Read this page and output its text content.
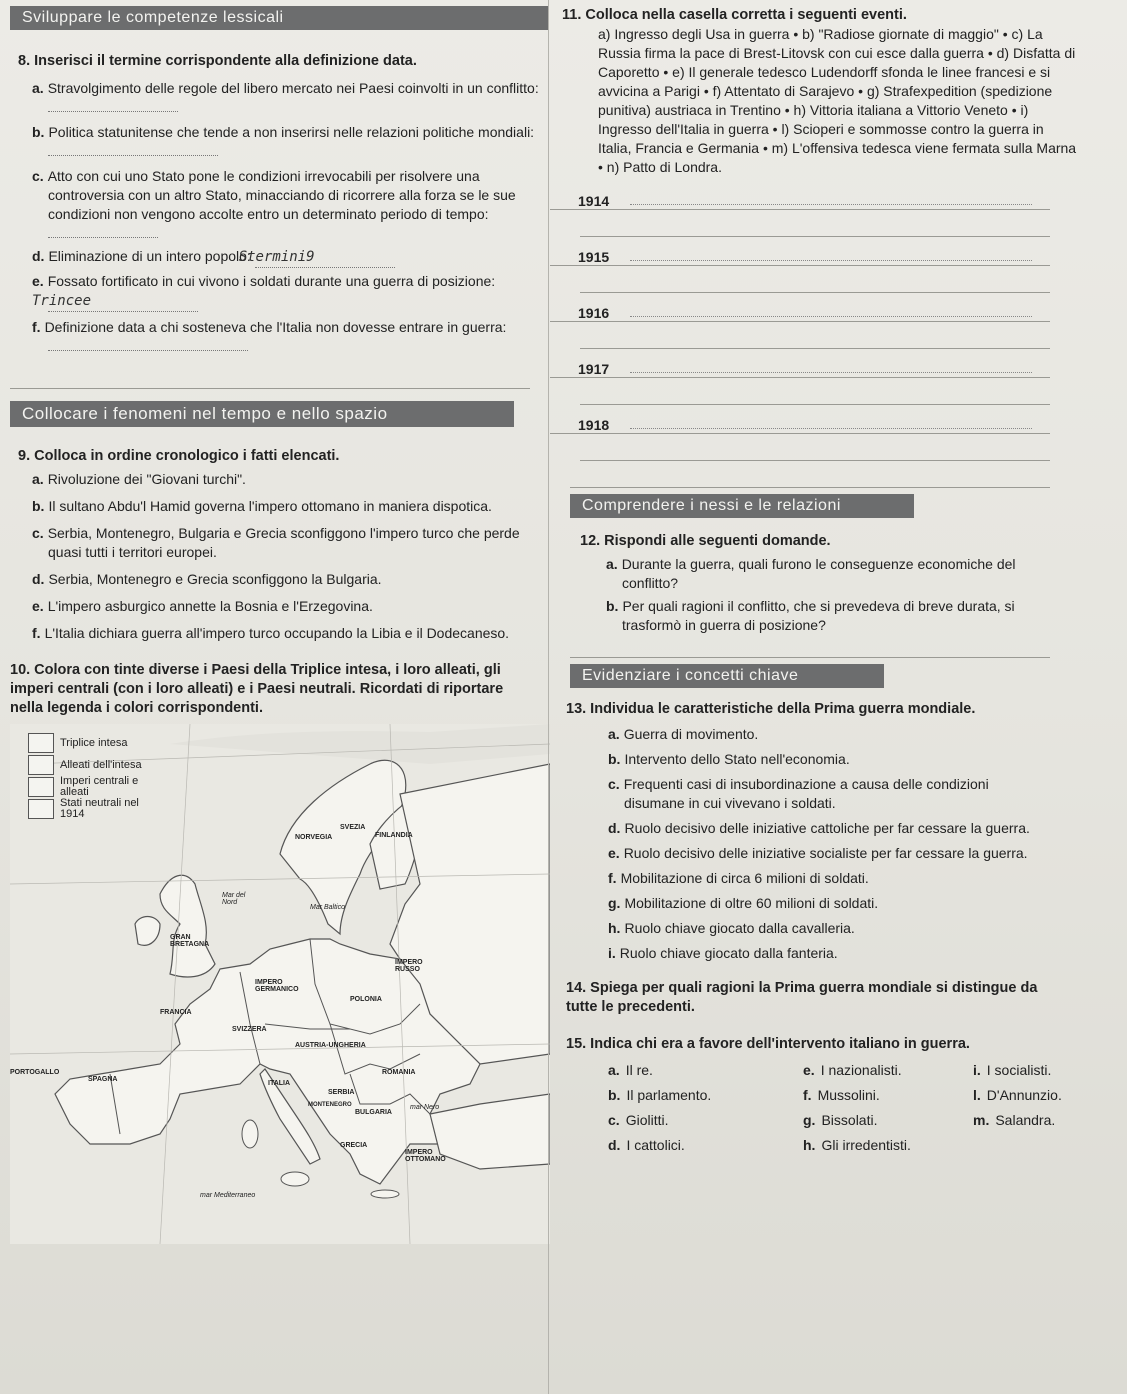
Sviluppare le competenze lessicali
8. Inserisci il termine corrispondente alla definizione data.
a. Stravolgimento delle regole del libero mercato nei Paesi coinvolti in un conflitto:
b. Politica statunitense che tende a non inserirsi nelle relazioni politiche mondiali:
c. Atto con cui uno Stato pone le condizioni irrevocabili per risolvere una controversia con un altro Stato, minacciando di ricorrere alla forza se le sue condizioni non vengono accolte entro un determinato periodo di tempo:
d. Eliminazione di un intero popolo: Stermini9
e. Fossato fortificato in cui vivono i soldati durante una guerra di posizione: Trincee
f. Definizione data a chi sosteneva che l'Italia non dovesse entrare in guerra:
Collocare i fenomeni nel tempo e nello spazio
9. Colloca in ordine cronologico i fatti elencati.
a. Rivoluzione dei "Giovani turchi".
b. Il sultano Abdu'l Hamid governa l'impero ottomano in maniera dispotica.
c. Serbia, Montenegro, Bulgaria e Grecia sconfiggono l'impero turco che perde quasi tutti i territori europei.
d. Serbia, Montenegro e Grecia sconfiggono la Bulgaria.
e. L'impero asburgico annette la Bosnia e l'Erzegovina.
f. L'Italia dichiara guerra all'impero turco occupando la Libia e il Dodecaneso.
10. Colora con tinte diverse i Paesi della Triplice intesa, i loro alleati, gli imperi centrali (con i loro alleati) e i Paesi neutrali. Ricordati di riportare nella legenda i colori corrispondenti.
Triplice intesa
Alleati dell'intesa
Imperi centrali e alleati
Stati neutrali nel 1914
FINLANDIA
NORVEGIA
SVEZIA
GRAN BRETAGNA
Mar del Nord
Mar Baltico
IMPERO RUSSO
IMPERO GERMANICO
POLONIA
FRANCIA
SVIZZERA
AUSTRIA-UNGHERIA
ROMANIA
PORTOGALLO
SPAGNA
ITALIA
SERBIA
BULGARIA
mar Nero
MONTENEGRO
GRECIA
IMPERO OTTOMANO
mar Mediterraneo
11. Colloca nella casella corretta i seguenti eventi.
a) Ingresso degli Usa in guerra • b) "Radiose giornate di maggio" • c) La Russia firma la pace di Brest-Litovsk con cui esce dalla guerra • d) Disfatta di Caporetto • e) Il generale tedesco Ludendorff sfonda le linee francesi e si avvicina a Parigi • f) Attentato di Sarajevo • g) Strafexpedition (spedizione punitiva) austriaca in Trentino • h) Vittoria italiana a Vittorio Veneto • i) Ingresso dell'Italia in guerra • l) Scioperi e sommosse contro la guerra in Italia, Francia e Germania • m) L'offensiva tedesca viene fermata sulla Marna • n) Patto di Londra.
1914
1915
1916
1917
1918
Comprendere i nessi e le relazioni
12. Rispondi alle seguenti domande.
a. Durante la guerra, quali furono le conseguenze economiche del conflitto?
b. Per quali ragioni il conflitto, che si prevedeva di breve durata, si trasformò in guerra di posizione?
Evidenziare i concetti chiave
13. Individua le caratteristiche della Prima guerra mondiale.
a. Guerra di movimento.
b. Intervento dello Stato nell'economia.
c. Frequenti casi di insubordinazione a causa delle condizioni disumane in cui vivevano i soldati.
d. Ruolo decisivo delle iniziative cattoliche per far cessare la guerra.
e. Ruolo decisivo delle iniziative socialiste per far cessare la guerra.
f. Mobilitazione di circa 6 milioni di soldati.
g. Mobilitazione di oltre 60 milioni di soldati.
h. Ruolo chiave giocato dalla cavalleria.
i. Ruolo chiave giocato dalla fanteria.
14. Spiega per quali ragioni la Prima guerra mondiale si distingue da tutte le precedenti.
15. Indica chi era a favore dell'intervento italiano in guerra.
a. Il re.	e. I nazionalisti.	i. I socialisti.
b. Il parlamento.	f. Mussolini.	l. D'Annunzio.
c. Giolitti.	g. Bissolati.	m. Salandra.
d. I cattolici.	h. Gli irredentisti.
